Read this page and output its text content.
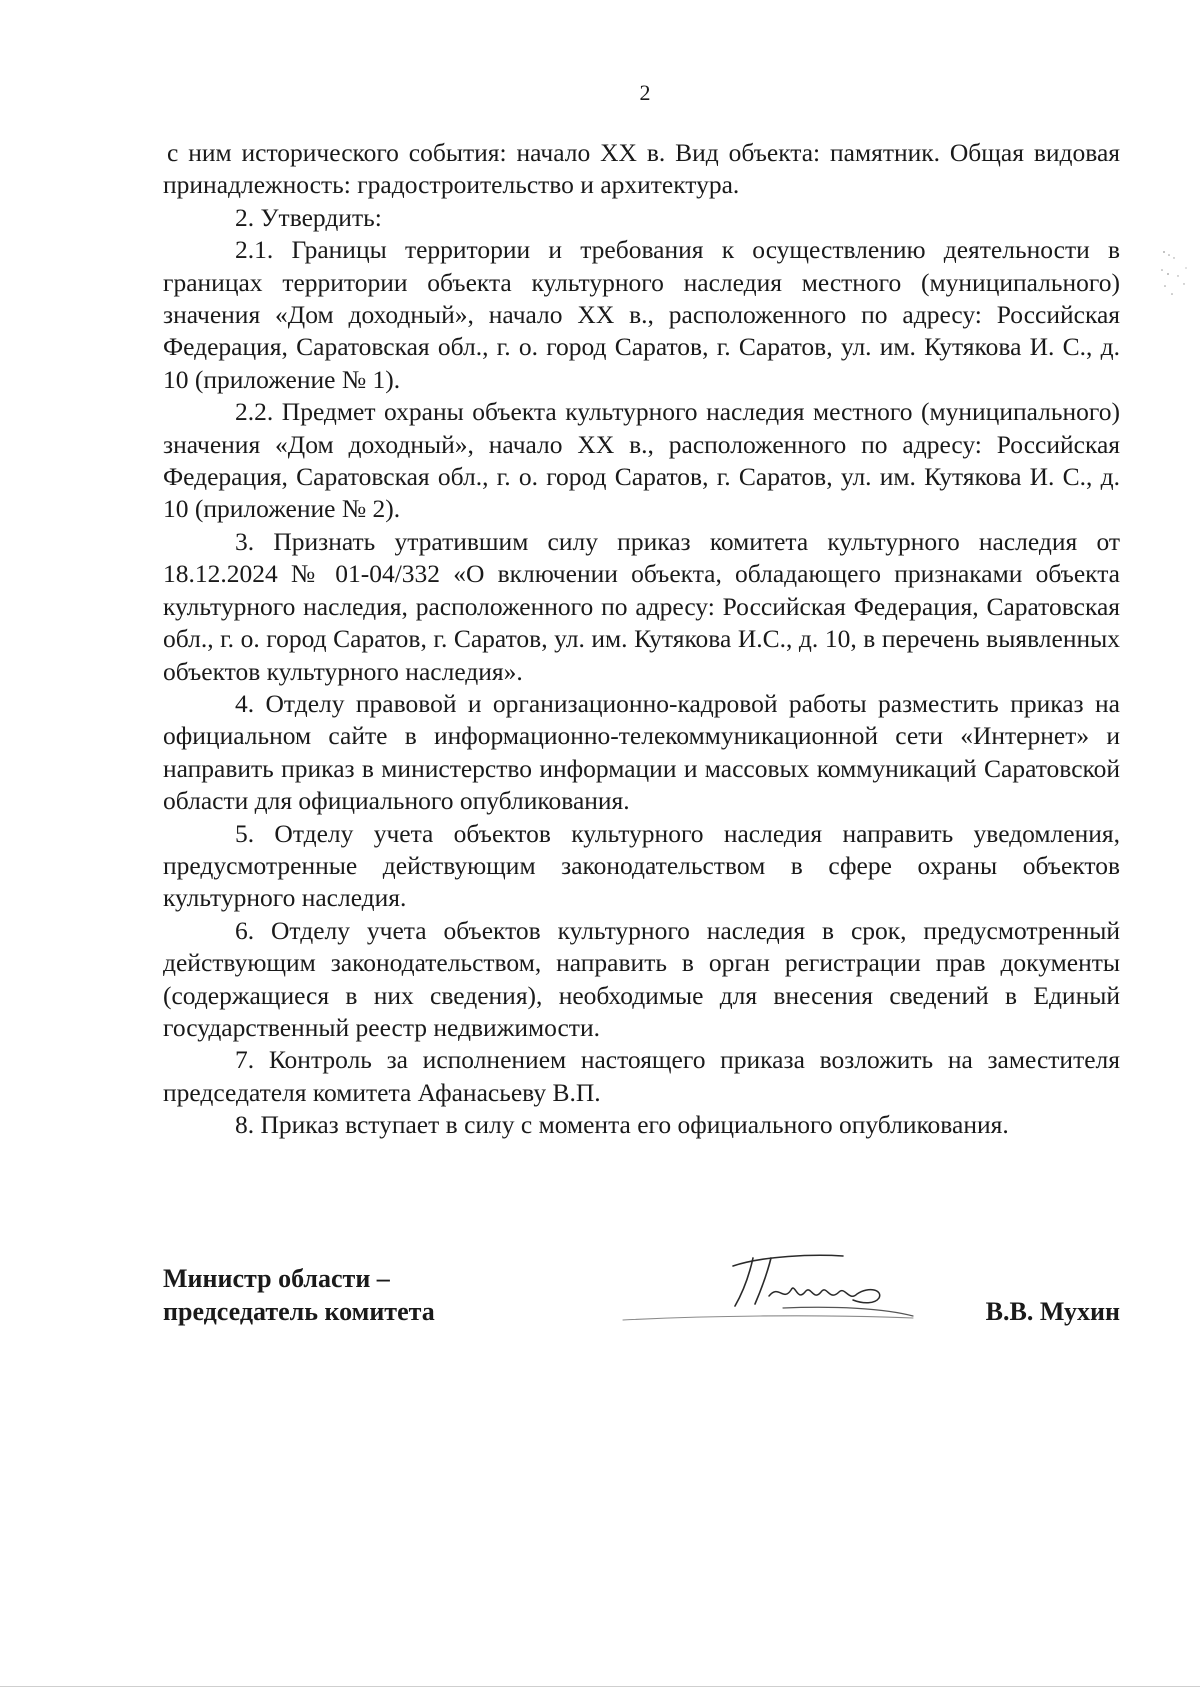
2

с ним исторического события: начало XX в. Вид объекта: памятник. Общая видовая принадлежность: градостроительство и архитектура.

2. Утвердить:

2.1. Границы территории и требования к осуществлению деятельности в границах территории объекта культурного наследия местного (муниципального) значения «Дом доходный», начало XX в., расположенного по адресу: Российская Федерация, Саратовская обл., г. о. город Саратов, г. Саратов, ул. им. Кутякова И. С., д. 10 (приложение № 1).

2.2. Предмет охраны объекта культурного наследия местного (муниципального) значения «Дом доходный», начало XX в., расположенного по адресу: Российская Федерация, Саратовская обл., г. о. город Саратов, г. Саратов, ул. им. Кутякова И. С., д. 10 (приложение № 2).

3. Признать утратившим силу приказ комитета культурного наследия от 18.12.2024 № 01-04/332 «О включении объекта, обладающего признаками объекта культурного наследия, расположенного по адресу: Российская Федерация, Саратовская обл., г. о. город Саратов, г. Саратов, ул. им. Кутякова И.С., д. 10, в перечень выявленных объектов культурного наследия».

4. Отделу правовой и организационно-кадровой работы разместить приказ на официальном сайте в информационно-телекоммуникационной сети «Интернет» и направить приказ в министерство информации и массовых коммуникаций Саратовской области для официального опубликования.

5. Отделу учета объектов культурного наследия направить уведомления, предусмотренные действующим законодательством в сфере охраны объектов культурного наследия.

6. Отделу учета объектов культурного наследия в срок, предусмотренный действующим законодательством, направить в орган регистрации прав документы (содержащиеся в них сведения), необходимые для внесения сведений в Единый государственный реестр недвижимости.

7. Контроль за исполнением настоящего приказа возложить на заместителя председателя комитета Афанасьеву В.П.

8. Приказ вступает в силу с момента его официального опубликования.

Министр области –
председатель комитета	В.В. Мухин
